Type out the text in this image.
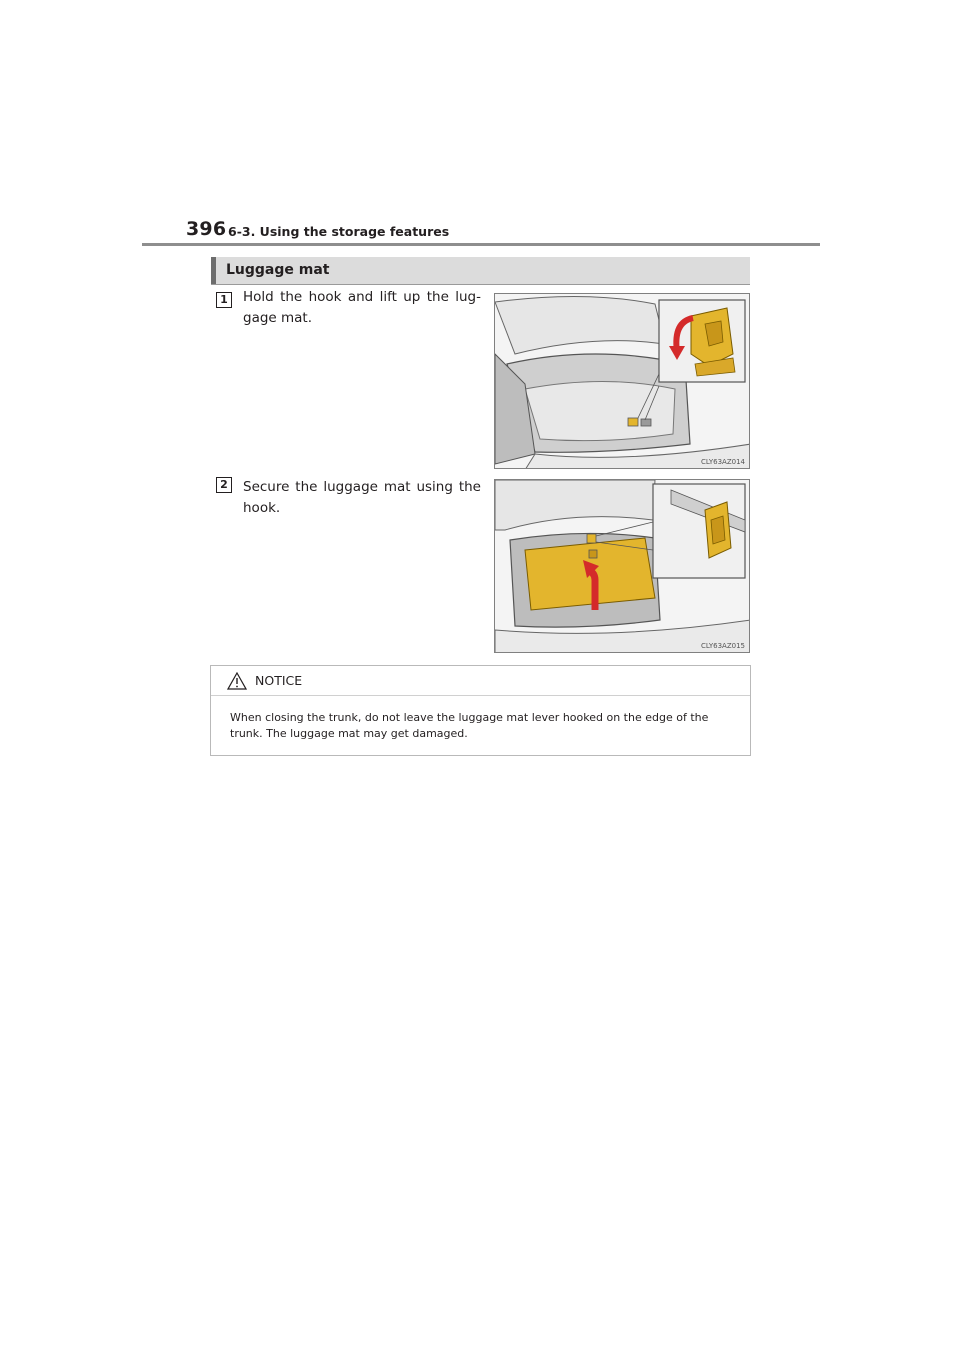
396 6-3. Using the storage features
Luggage mat
1	Hold the hook and lift up the lug-gage mat.
CLY63AZ014
2	Secure the luggage mat using the hook.
CLY63AZ015
NOTICE
When closing the trunk, do not leave the luggage mat lever hooked on the edge of the trunk. The luggage mat may get damaged.
